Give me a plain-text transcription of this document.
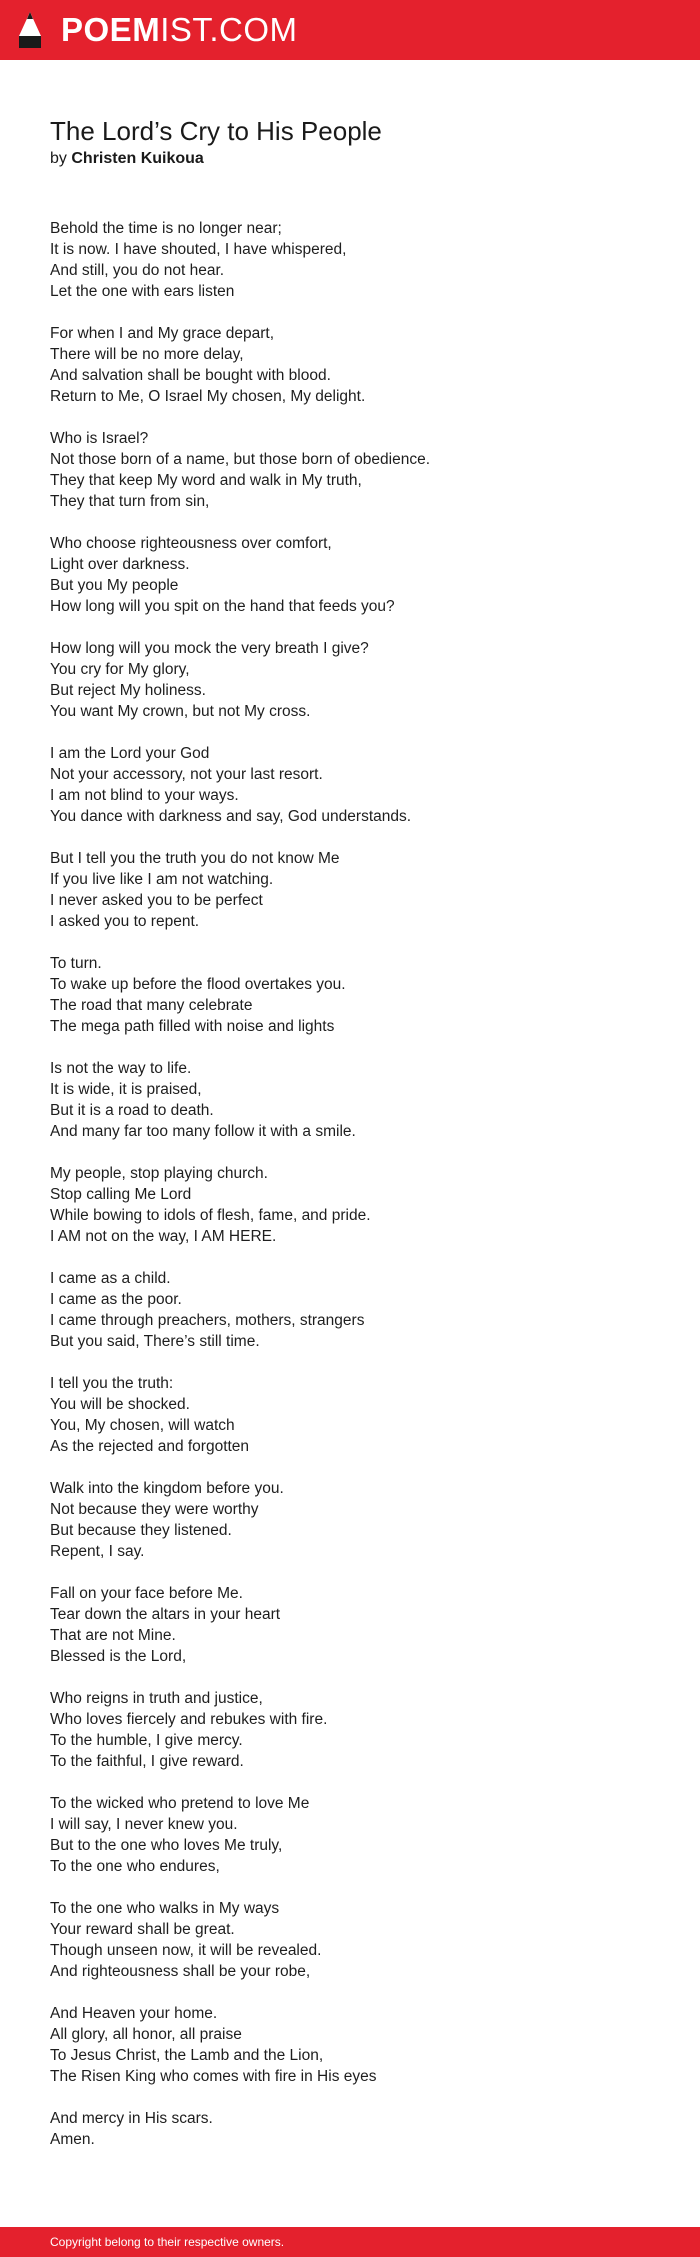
POEMIST.COM
The Lord’s Cry to His People
by Christen Kuikoua
Behold the time is no longer near;
It is now. I have shouted, I have whispered,
And still, you do not hear.
Let the one with ears listen
For when I and My grace depart,
There will be no more delay,
And salvation shall be bought with blood.
Return to Me, O Israel My chosen, My delight.
Who is Israel?
Not those born of a name, but those born of obedience.
They that keep My word and walk in My truth,
They that turn from sin,
Who choose righteousness over comfort,
Light over darkness.
But you My people
How long will you spit on the hand that feeds you?
How long will you mock the very breath I give?
You cry for My glory,
But reject My holiness.
You want My crown, but not My cross.
I am the Lord your God
Not your accessory, not your last resort.
I am not blind to your ways.
You dance with darkness and say, God understands.
But I tell you the truth you do not know Me
If you live like I am not watching.
I never asked you to be perfect
I asked you to repent.
To turn.
To wake up before the flood overtakes you.
The road that many celebrate
The mega path filled with noise and lights
Is not the way to life.
It is wide, it is praised,
But it is a road to death.
And many far too many follow it with a smile.
My people, stop playing church.
Stop calling Me Lord
While bowing to idols of flesh, fame, and pride.
I AM not on the way, I AM HERE.
I came as a child.
I came as the poor.
I came through preachers, mothers, strangers
But you said, There’s still time.
I tell you the truth:
You will be shocked.
You, My chosen, will watch
As the rejected and forgotten
Walk into the kingdom before you.
Not because they were worthy
But because they listened.
Repent, I say.
Fall on your face before Me.
Tear down the altars in your heart
That are not Mine.
Blessed is the Lord,
Who reigns in truth and justice,
Who loves fiercely and rebukes with fire.
To the humble, I give mercy.
To the faithful, I give reward.
To the wicked who pretend to love Me
I will say, I never knew you.
But to the one who loves Me truly,
To the one who endures,
To the one who walks in My ways
Your reward shall be great.
Though unseen now, it will be revealed.
And righteousness shall be your robe,
And Heaven your home.
All glory, all honor, all praise
To Jesus Christ, the Lamb and the Lion,
The Risen King who comes with fire in His eyes
And mercy in His scars.
Amen.
Copyright belong to their respective owners.
